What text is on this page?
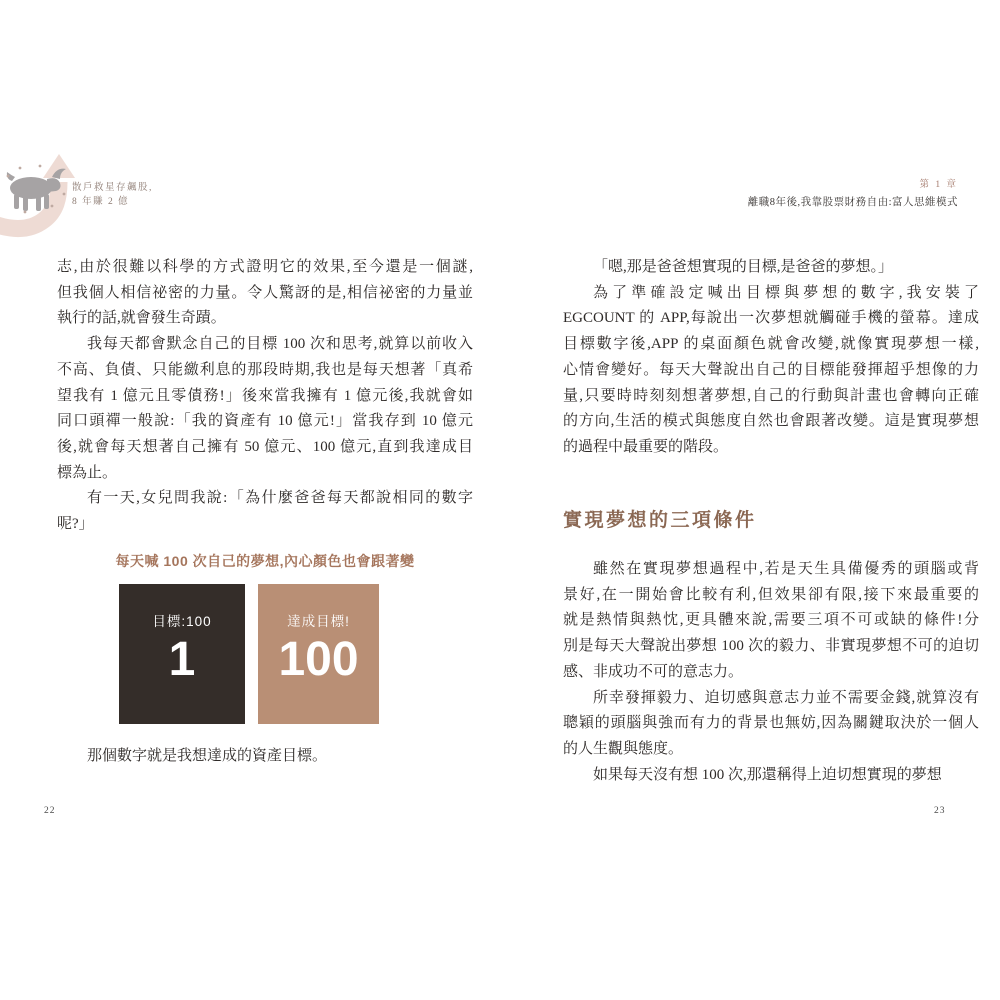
散戶救星存飆股,
8 年賺 2 億
第 1 章
離職8年後,我靠股票財務自由:富人思維模式
志,由於很難以科學的方式證明它的效果,至今還是一個謎,
但我個人相信祕密的力量。令人驚訝的是,相信祕密的力量並
執行的話,就會發生奇蹟。
我每天都會默念自己的目標 100 次和思考,就算以前收入
不高、負債、只能繳利息的那段時期,我也是每天想著「真希
望我有 1 億元且零債務!」後來當我擁有 1 億元後,我就會如
同口頭禪一般說:「我的資產有 10 億元!」當我存到 10 億元
後,就會每天想著自己擁有 50 億元、100 億元,直到我達成目
標為止。
有一天,女兒問我說:「為什麼爸爸每天都說相同的數字
呢?」
每天喊 100 次自己的夢想,內心顏色也會跟著變
目標:100
1
達成目標!
100
那個數字就是我想達成的資產目標。
22
「嗯,那是爸爸想實現的目標,是爸爸的夢想。」
為了準確設定喊出目標與夢想的數字,我安裝了
EGCOUNT 的 APP,每說出一次夢想就觸碰手機的螢幕。達成
目標數字後,APP 的桌面顏色就會改變,就像實現夢想一樣,
心情會變好。每天大聲說出自己的目標能發揮超乎想像的力
量,只要時時刻刻想著夢想,自己的行動與計畫也會轉向正確
的方向,生活的模式與態度自然也會跟著改變。這是實現夢想
的過程中最重要的階段。
實現夢想的三項條件
雖然在實現夢想過程中,若是天生具備優秀的頭腦或背
景好,在一開始會比較有利,但效果卻有限,接下來最重要的
就是熱情與熱忱,更具體來說,需要三項不可或缺的條件!分
別是每天大聲說出夢想 100 次的毅力、非實現夢想不可的迫切
感、非成功不可的意志力。
所幸發揮毅力、迫切感與意志力並不需要金錢,就算沒有
聰穎的頭腦與強而有力的背景也無妨,因為關鍵取決於一個人
的人生觀與態度。
如果每天沒有想 100 次,那還稱得上迫切想實現的夢想
23
